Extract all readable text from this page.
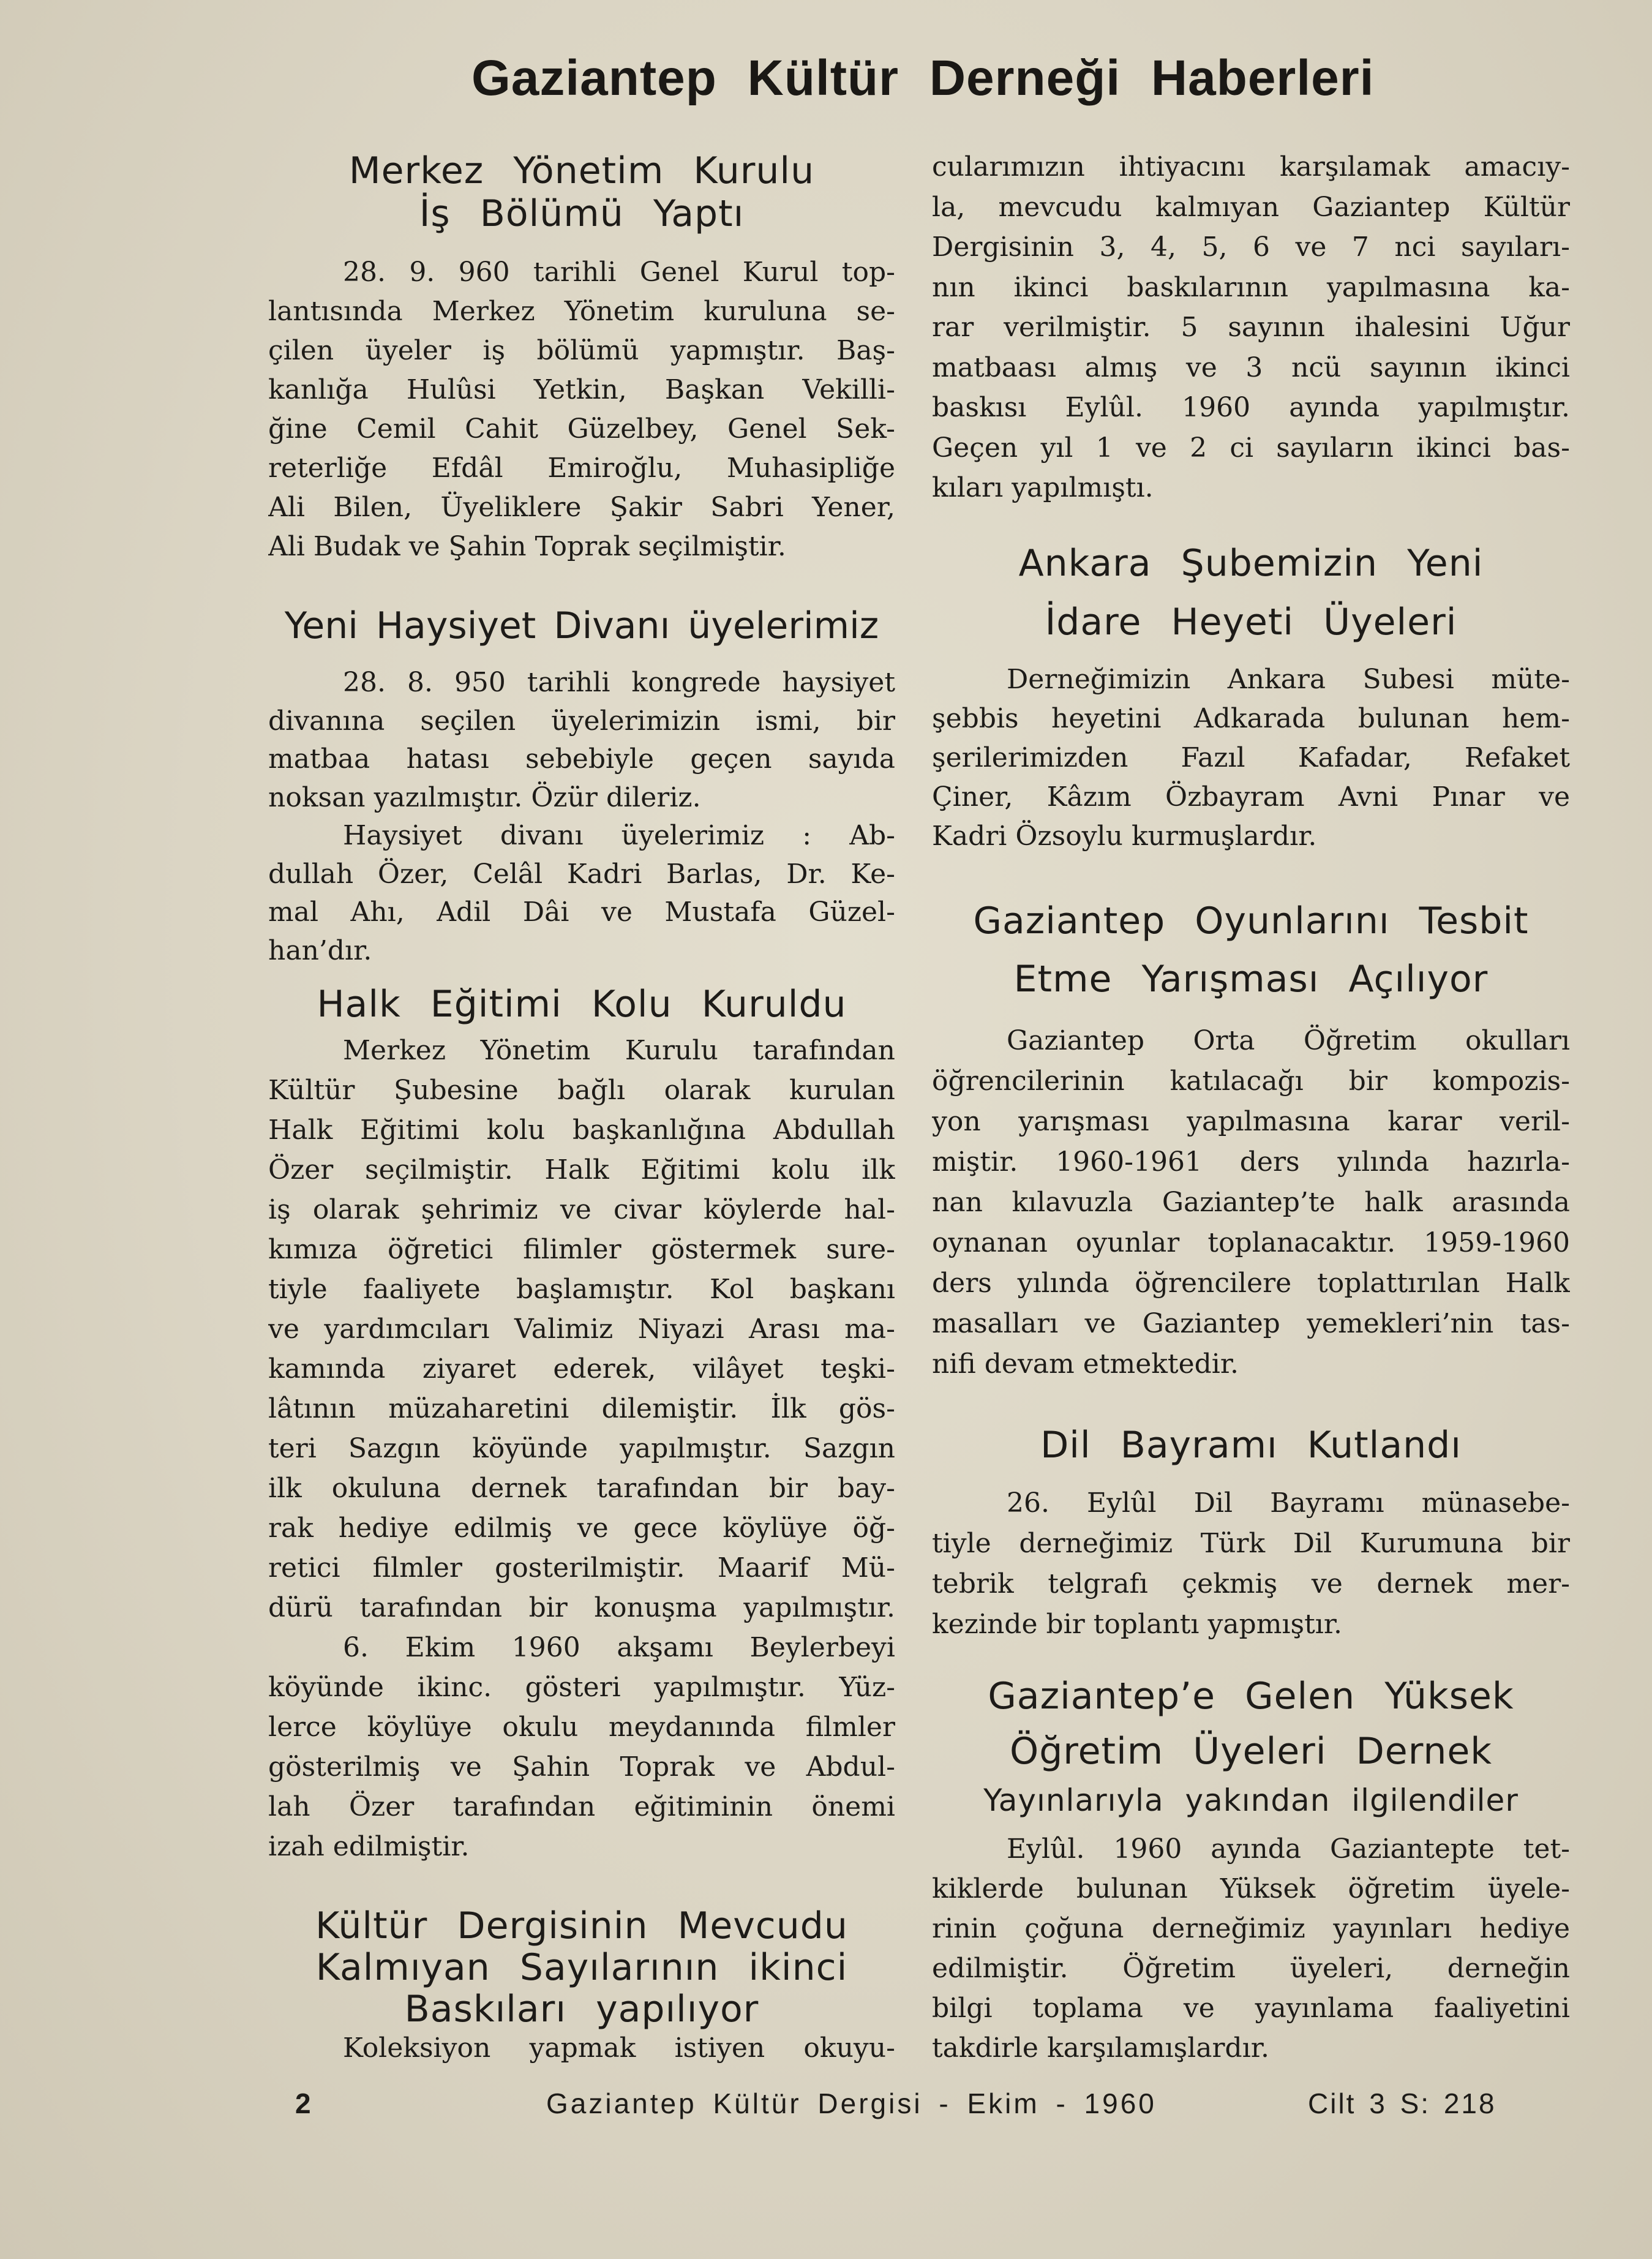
Gaziantep Kültür Derneği Haberleri
Merkez Yönetim Kurulu
İş Bölümü Yaptı
28. 9. 960 tarihli Genel Kurul top-
lantısında Merkez Yönetim kuruluna se-
çilen üyeler iş bölümü yapmıştır. Baş-
kanlığa Hulûsi Yetkin, Başkan Vekilli-
ğine Cemil Cahit Güzelbey, Genel Sek-
reterliğe Efdâl Emiroğlu, Muhasipliğe
Ali Bilen, Üyeliklere Şakir Sabri Yener,
Ali Budak ve Şahin Toprak seçilmiştir.
Yeni Haysiyet Divanı üyelerimiz
28. 8. 950 tarihli kongrede haysiyet
divanına seçilen üyelerimizin ismi, bir
matbaa hatası sebebiyle geçen sayıda
noksan yazılmıştır. Özür dileriz.
Haysiyet divanı üyelerimiz : Ab-
dullah Özer, Celâl Kadri Barlas, Dr. Ke-
mal Ahı, Adil Dâi ve Mustafa Güzel-
han’dır.
Halk Eğitimi Kolu Kuruldu
Merkez Yönetim Kurulu tarafından
Kültür Şubesine bağlı olarak kurulan
Halk Eğitimi kolu başkanlığına Abdullah
Özer seçilmiştir. Halk Eğitimi kolu ilk
iş olarak şehrimiz ve civar köylerde hal-
kımıza öğretici filimler göstermek sure-
tiyle faaliyete başlamıştır. Kol başkanı
ve yardımcıları Valimiz Niyazi Arası ma-
kamında ziyaret ederek, vilâyet teşki-
lâtının müzaharetini dilemiştir. İlk gös-
teri Sazgın köyünde yapılmıştır. Sazgın
ilk okuluna dernek tarafından bir bay-
rak hediye edilmiş ve gece köylüye öğ-
retici filmler gosterilmiştir. Maarif Mü-
dürü tarafından bir konuşma yapılmıştır.
6. Ekim 1960 akşamı Beylerbeyi
köyünde ikinc. gösteri yapılmıştır. Yüz-
lerce köylüye okulu meydanında filmler
gösterilmiş ve Şahin Toprak ve Abdul-
lah Özer tarafından eğitiminin önemi
izah edilmiştir.
Kültür Dergisinin Mevcudu
Kalmıyan Sayılarının ikinci
Baskıları yapılıyor
Koleksiyon yapmak istiyen okuyu-
cularımızın ihtiyacını karşılamak amacıy-
la, mevcudu kalmıyan Gaziantep Kültür
Dergisinin 3, 4, 5, 6 ve 7 nci sayıları-
nın ikinci baskılarının yapılmasına ka-
rar verilmiştir. 5 sayının ihalesini Uğur
matbaası almış ve 3 ncü sayının ikinci
baskısı Eylûl. 1960 ayında yapılmıştır.
Geçen yıl 1 ve 2 ci sayıların ikinci bas-
kıları yapılmıştı.
Ankara Şubemizin Yeni
İdare Heyeti Üyeleri
Derneğimizin Ankara Subesi müte-
şebbis heyetini Adkarada bulunan hem-
şerilerimizden Fazıl Kafadar, Refaket
Çiner, Kâzım Özbayram Avni Pınar ve
Kadri Özsoylu kurmuşlardır.
Gaziantep Oyunlarını Tesbit
Etme Yarışması Açılıyor
Gaziantep Orta Öğretim okulları
öğrencilerinin katılacağı bir kompozis-
yon yarışması yapılmasına karar veril-
miştir. 1960-1961 ders yılında hazırla-
nan kılavuzla Gaziantep’te halk arasında
oynanan oyunlar toplanacaktır. 1959-1960
ders yılında öğrencilere toplattırılan Halk
masalları ve Gaziantep yemekleri’nin tas-
nifi devam etmektedir.
Dil Bayramı Kutlandı
26. Eylûl Dil Bayramı münasebe-
tiyle derneğimiz Türk Dil Kurumuna bir
tebrik telgrafı çekmiş ve dernek mer-
kezinde bir toplantı yapmıştır.
Gaziantep’e Gelen Yüksek
Öğretim Üyeleri Dernek
Yayınlarıyla yakından ilgilendiler
Eylûl. 1960 ayında Gaziantepte tet-
kiklerde bulunan Yüksek öğretim üyele-
rinin çoğuna derneğimiz yayınları hediye
edilmiştir. Öğretim üyeleri, derneğin
bilgi toplama ve yayınlama faaliyetini
takdirle karşılamışlardır.
2	Gaziantep Kültür Dergisi - Ekim - 1960	Cilt 3 S: 218
